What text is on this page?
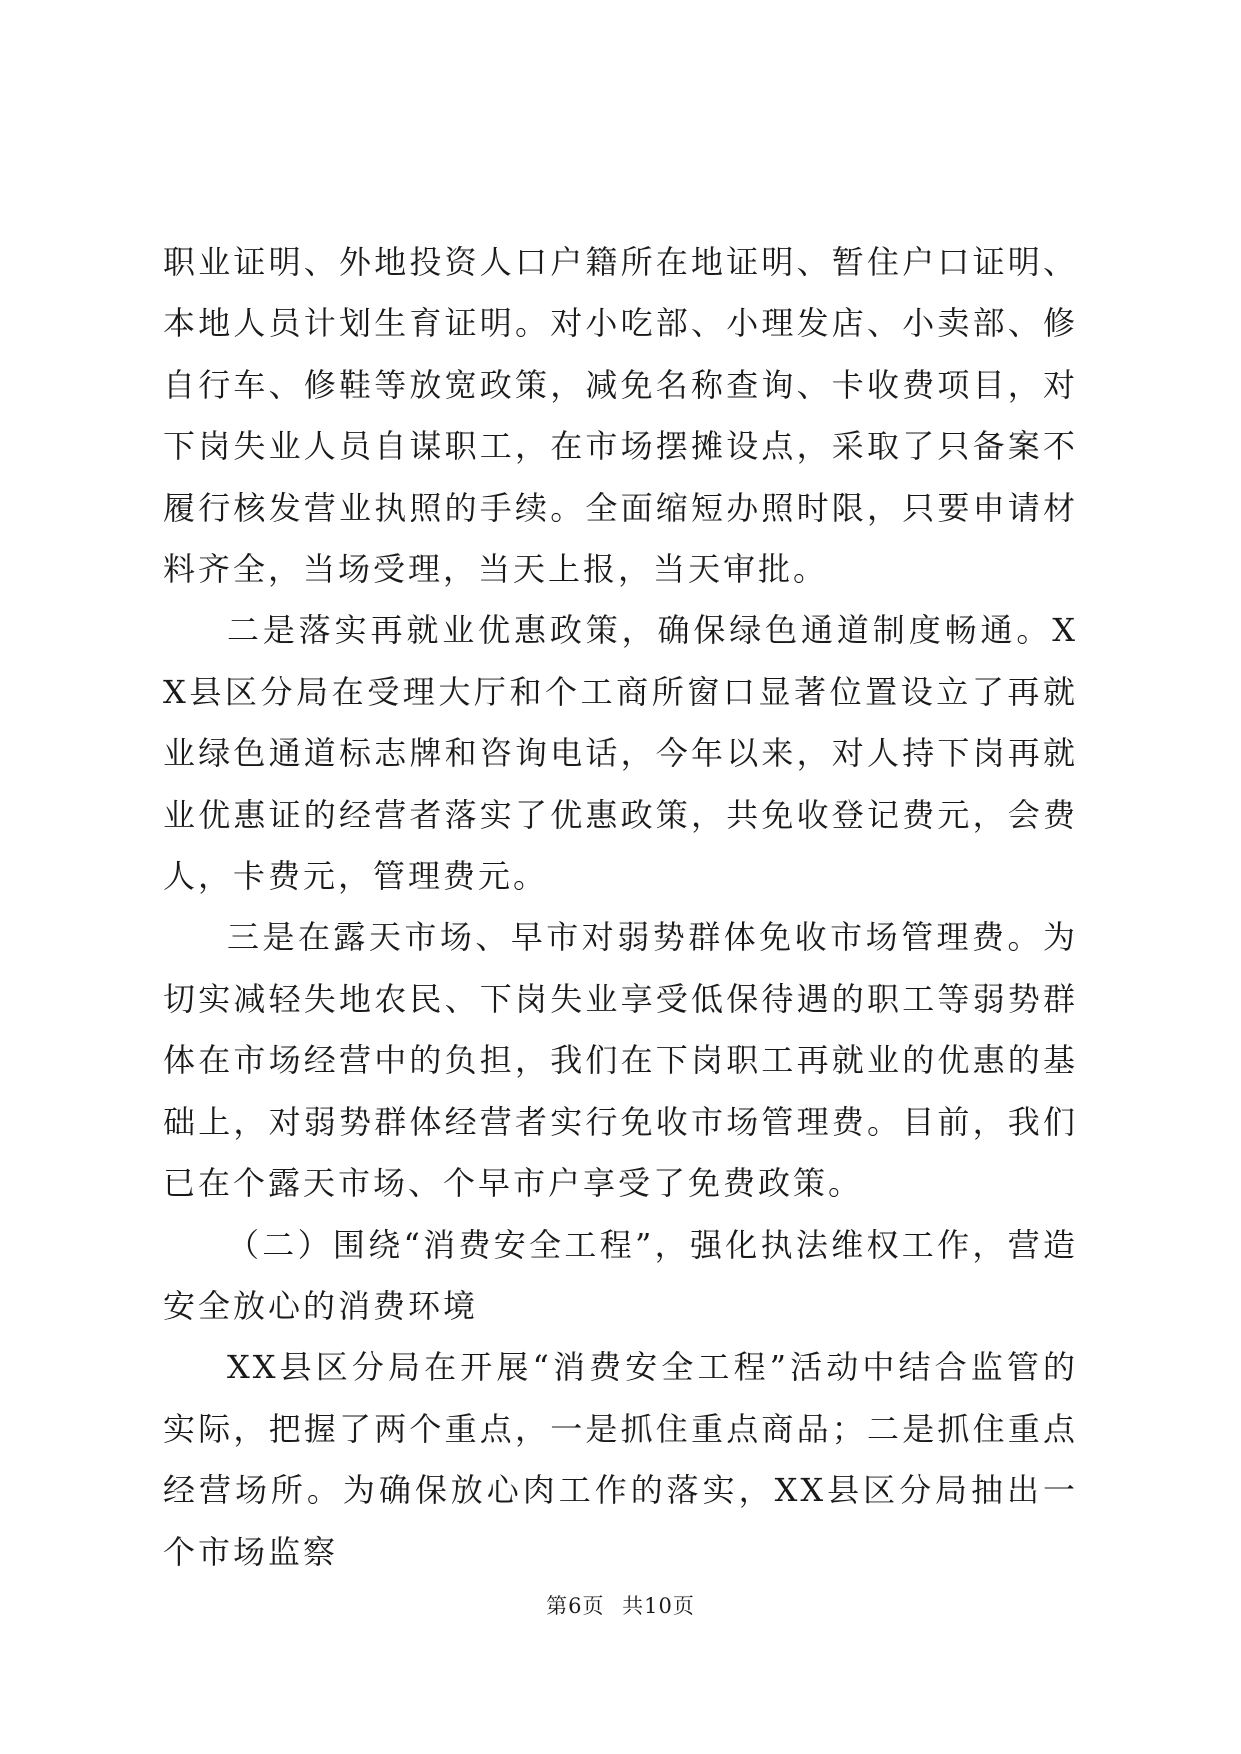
职业证明、外地投资人口户籍所在地证明、暂住户口证明、本地人员计划生育证明。对小吃部、小理发店、小卖部、修自行车、修鞋等放宽政策，减免名称查询、卡收费项目，对下岗失业人员自谋职工，在市场摆摊设点，采取了只备案不履行核发营业执照的手续。全面缩短办照时限，只要申请材料齐全，当场受理，当天上报，当天审批。

二是落实再就业优惠政策，确保绿色通道制度畅通。XX县区分局在受理大厅和个工商所窗口显著位置设立了再就业绿色通道标志牌和咨询电话，今年以来，对人持下岗再就业优惠证的经营者落实了优惠政策，共免收登记费元，会费人，卡费元，管理费元。

三是在露天市场、早市对弱势群体免收市场管理费。为切实减轻失地农民、下岗失业享受低保待遇的职工等弱势群体在市场经营中的负担，我们在下岗职工再就业的优惠的基础上，对弱势群体经营者实行免收市场管理费。目前，我们已在个露天市场、个早市户享受了免费政策。

（二）围绕“消费安全工程”，强化执法维权工作，营造安全放心的消费环境

XX县区分局在开展“消费安全工程”活动中结合监管的实际，把握了两个重点，一是抓住重点商品；二是抓住重点经营场所。为确保放心肉工作的落实，XX县区分局抽出一个市场监察

第6页 共10页
